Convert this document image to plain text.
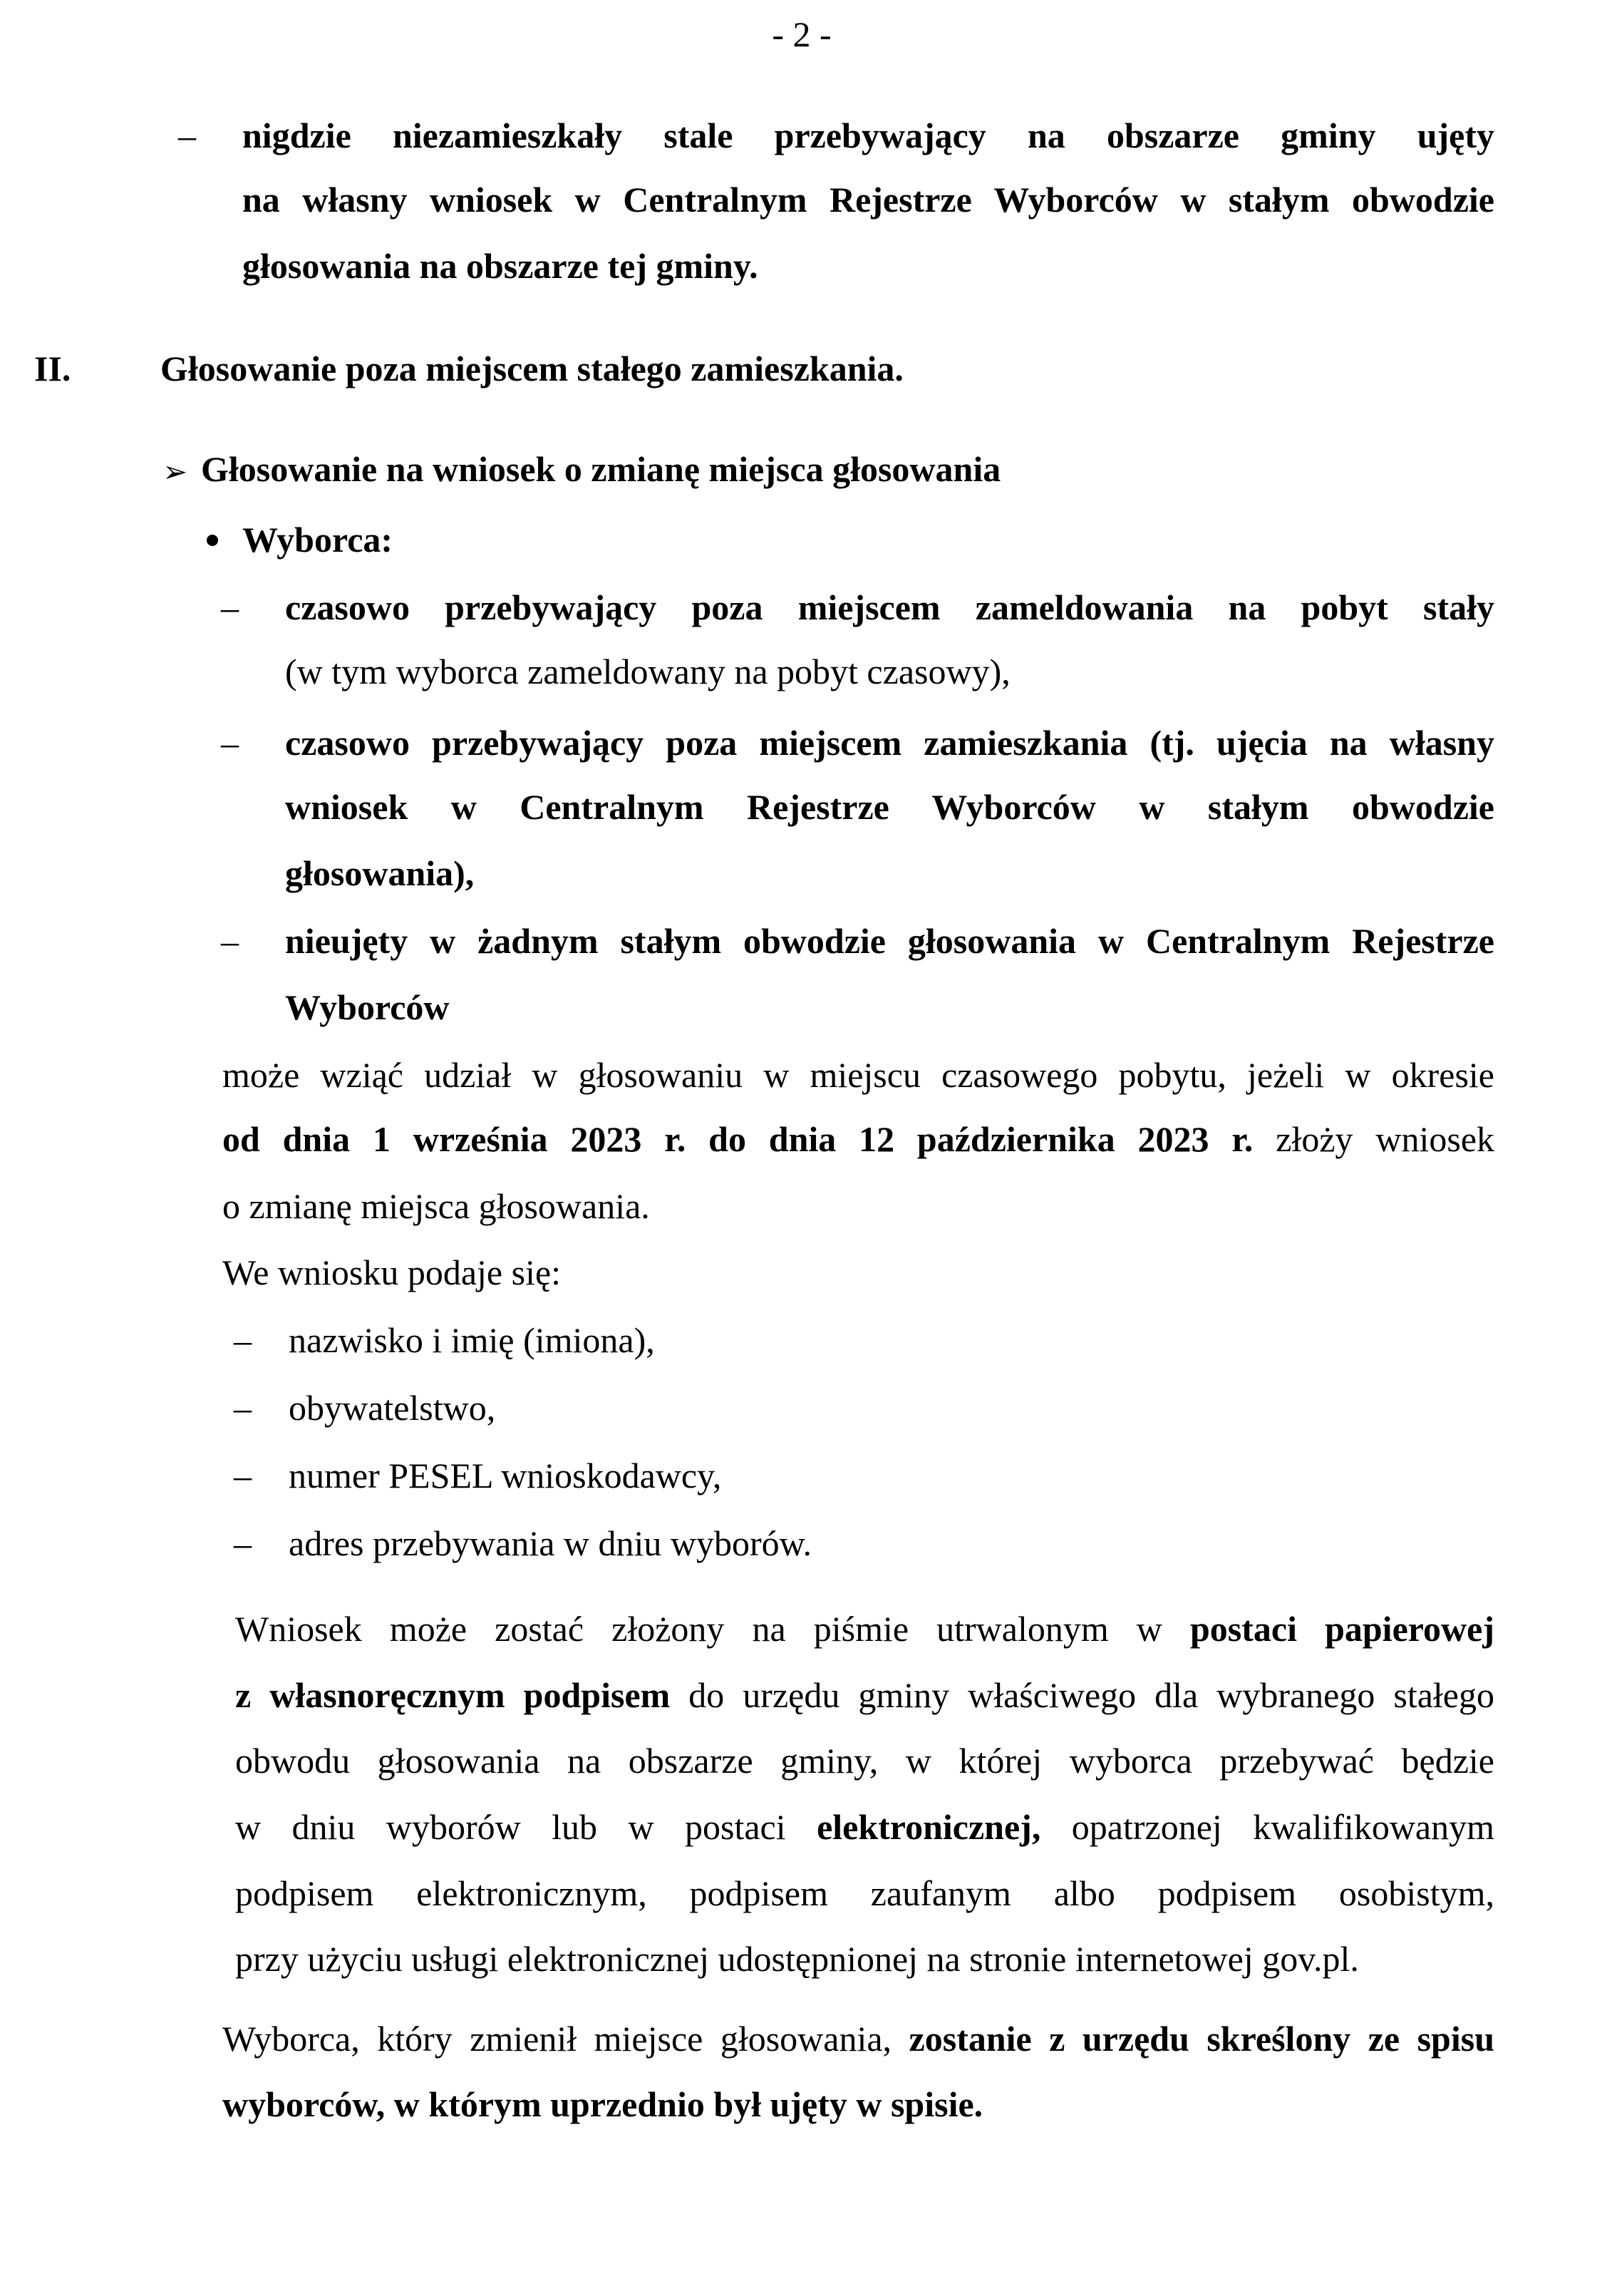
- 2 -
– nigdzie niezamieszkały stale przebywający na obszarze gminy ujęty
na własny wniosek w Centralnym Rejestrze Wyborców w stałym obwodzie
głosowania na obszarze tej gminy.
II.	Głosowanie poza miejscem stałego zamieszkania.
➢ Głosowanie na wniosek o zmianę miejsca głosowania
Wyborca:
– czasowo przebywający poza miejscem zameldowania na pobyt stały
(w tym wyborca zameldowany na pobyt czasowy),
– czasowo przebywający poza miejscem zamieszkania (tj. ujęcia na własny
wniosek w Centralnym Rejestrze Wyborców w stałym obwodzie
głosowania),
– nieujęty w żadnym stałym obwodzie głosowania w Centralnym Rejestrze
Wyborców
może wziąć udział w głosowaniu w miejscu czasowego pobytu, jeżeli w okresie
od dnia 1 września 2023 r. do dnia 12 października 2023 r. złoży wniosek
o zmianę miejsca głosowania.
We wniosku podaje się:
– nazwisko i imię (imiona),
– obywatelstwo,
– numer PESEL wnioskodawcy,
– adres przebywania w dniu wyborów.
Wniosek może zostać złożony na piśmie utrwalonym w postaci papierowej
z własnoręcznym podpisem do urzędu gminy właściwego dla wybranego stałego
obwodu głosowania na obszarze gminy, w której wyborca przebywać będzie
w dniu wyborów lub w postaci elektronicznej, opatrzonej kwalifikowanym
podpisem elektronicznym, podpisem zaufanym albo podpisem osobistym,
przy użyciu usługi elektronicznej udostępnionej na stronie internetowej gov.pl.
Wyborca, który zmienił miejsce głosowania, zostanie z urzędu skreślony ze spisu
wyborców, w którym uprzednio był ujęty w spisie.
